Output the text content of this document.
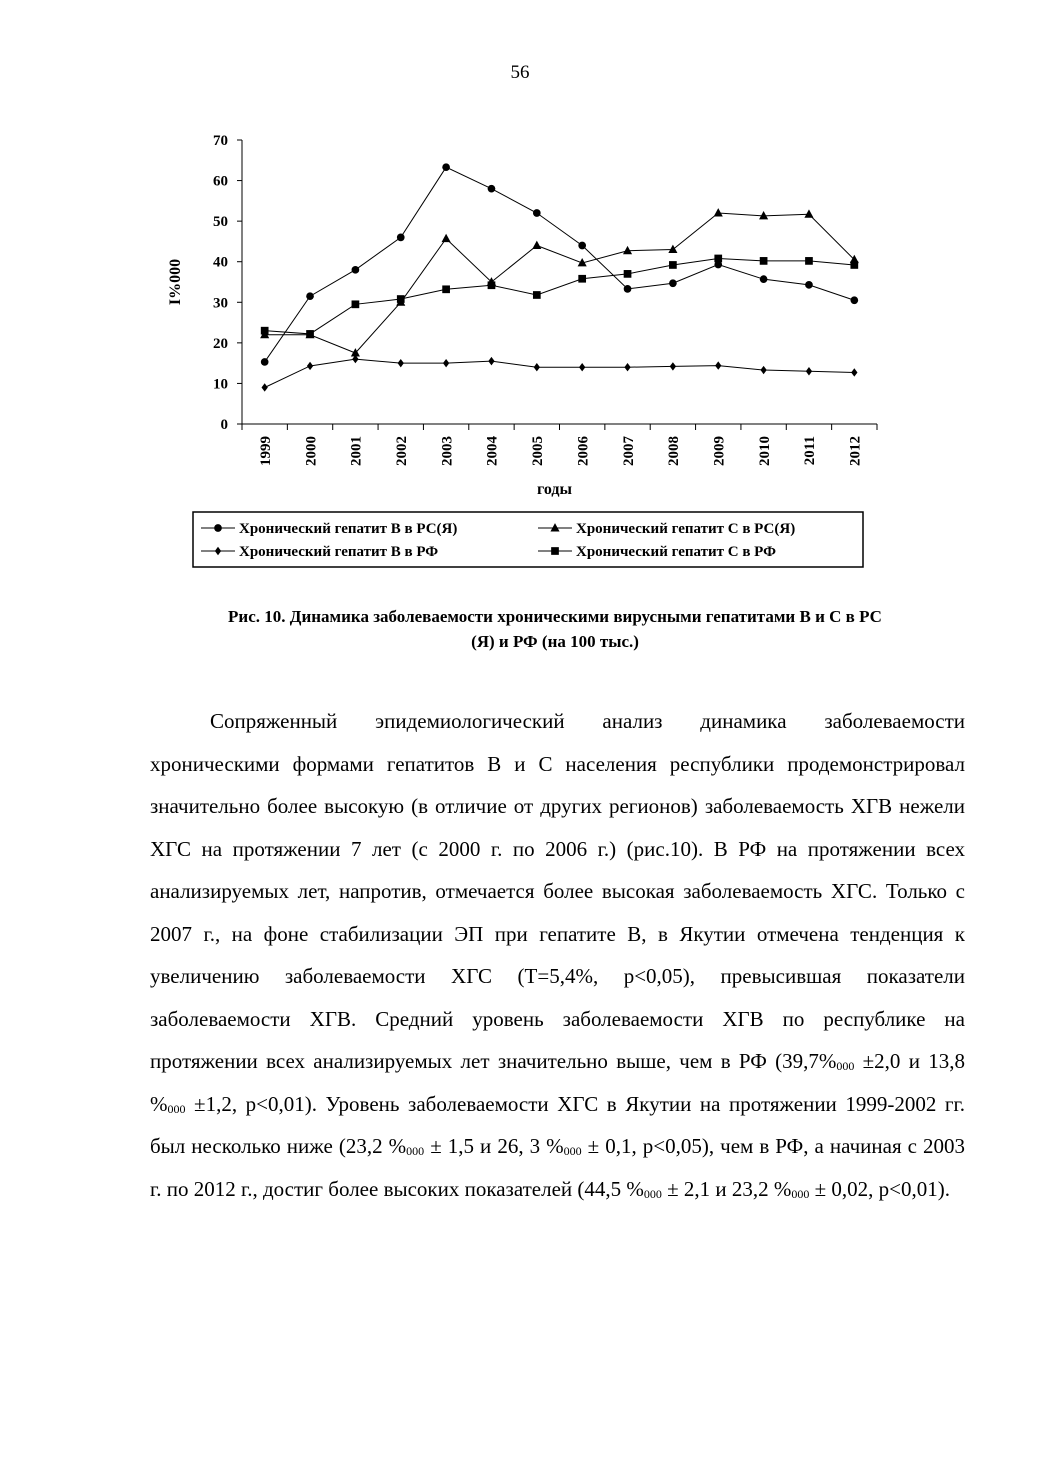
56
0
10
20
30
40
50
60
70
1999 2000 2001 2002 2003 2004 2005 2006 2007 2008 2009 2010 2011 2012
I%000
годы
Хронический гепатит В в РС(Я)	Хронический гепатит С в РС(Я)
Хронический гепатит В в РФ	Хронический гепатит С в РФ
Рис. 10. Динамика заболеваемости хроническими вирусными гепатитами В и С в РС
(Я) и РФ (на 100 тыс.)

Сопряженный эпидемиологический анализ динамика заболеваемости хроническими формами гепатитов В и С населения республики продемонстрировал значительно более высокую (в отличие от других регионов) заболеваемость ХГВ нежели ХГС на протяжении 7 лет (с 2000 г. по 2006 г.) (рис.10). В РФ на протяжении всех анализируемых лет, напротив, отмечается более высокая заболеваемость ХГС. Только с 2007 г., на фоне стабилизации ЭП при гепатите В, в Якутии отмечена тенденция к увеличению заболеваемости ХГС (Т=5,4%, р<0,05), превысившая показатели заболеваемости ХГВ. Средний уровень заболеваемости ХГВ по республике на протяжении всех анализируемых лет значительно выше, чем в РФ ($39,7\%_{000} \pm 2,0$ и 13,8 $\%_{000} \pm 1,2$, р<0,01). Уровень заболеваемости ХГС в Якутии на протяжении 1999-2002 гг. был несколько ниже (23,2 $\%_{000} \pm 1,5$ и 26, 3 $\%_{000} \pm 0,1$, р<0,05), чем в РФ, а начиная с 2003 г. по 2012 г., достиг более высоких показателей (44,5 $\%_{000} \pm 2,1$ и 23,2 $\%_{000} \pm 0,02$, р<0,01).
